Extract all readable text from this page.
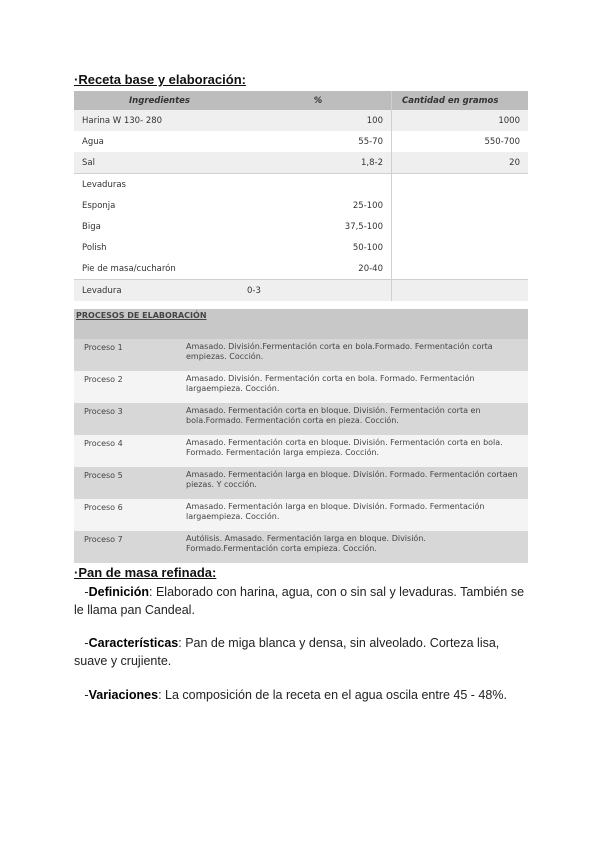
·Receta base y elaboración:
Ingredientes	%	Cantidad en gramos
Harina W 130- 280	100	1000
Agua	55-70	550-700
Sal	1,8-2	20
Levaduras		
Esponja	25-100	
Biga	37,5-100	
Polish	50-100	
Pie de masa/cucharón	20-40	
Levadura	0-3	
PROCESOS DE ELABORACIÓN	
Proceso 1	Amasado. División.Fermentación corta en bola.Formado. Fermentación corta empiezas. Cocción.
Proceso 2	Amasado. División. Fermentación corta en bola. Formado. Fermentación largaempieza. Cocción.
Proceso 3	Amasado. Fermentación corta en bloque. División. Fermentación corta en bola.Formado. Fermentación corta en pieza. Cocción.
Proceso 4	Amasado. Fermentación corta en bloque. División. Fermentación corta en bola. Formado. Fermentación larga empieza. Cocción.
Proceso 5	Amasado. Fermentación larga en bloque. División. Formado. Fermentación cortaen piezas. Y cocción.
Proceso 6	Amasado. Fermentación larga en bloque. División. Formado. Fermentación largaempieza. Cocción.
Proceso 7	Autólisis. Amasado. Fermentación larga en bloque. División. Formado.Fermentación corta empieza. Cocción.
·Pan de masa refinada:
-Definición: Elaborado con harina, agua, con o sin sal y levaduras. También se le llama pan Candeal.
-Características: Pan de miga blanca y densa, sin alveolado. Corteza lisa, suave y crujiente.
-Variaciones: La composición de la receta en el agua oscila entre 45 - 48%.
